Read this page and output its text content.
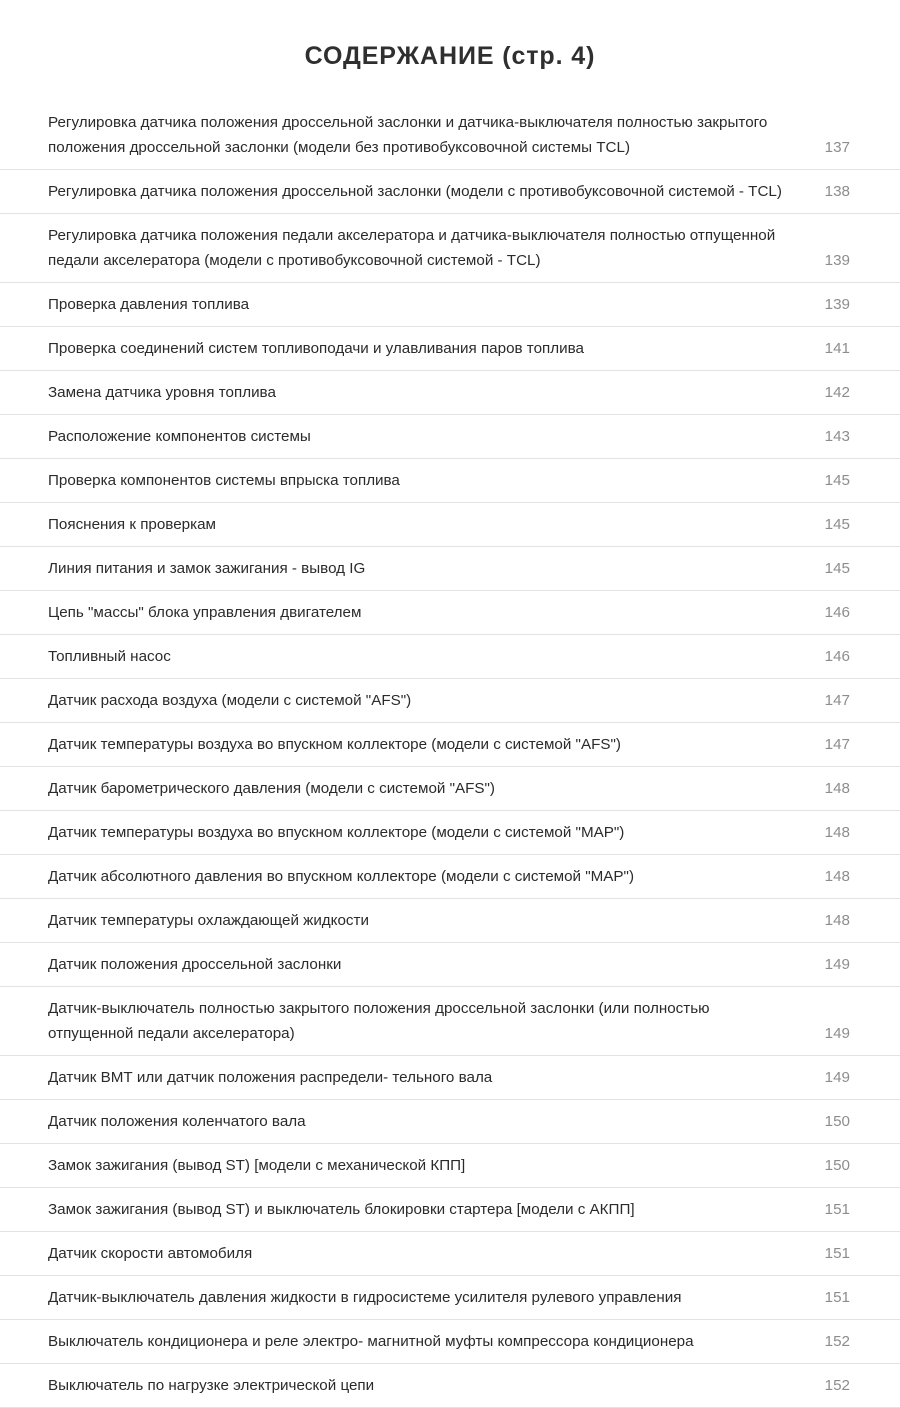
СОДЕРЖАНИЕ (стр. 4)
Регулировка датчика положения дроссельной заслонки и датчика-выключателя полностью закрытого положения дроссельной заслонки (модели без противобуксовочной системы TCL)	137
Регулировка датчика положения дроссельной заслонки (модели с противобуксовочной системой - TCL)	138
Регулировка датчика положения педали акселератора и датчика-выключателя полностью отпущенной педали акселератора (модели с противобуксовочной системой - TCL)	139
Проверка давления топлива	139
Проверка соединений систем топливоподачи и улавливания паров топлива	141
Замена датчика уровня топлива	142
Расположение компонентов системы	143
Проверка компонентов системы впрыска топлива	145
Пояснения к проверкам	145
Линия питания и замок зажигания - вывод IG	145
Цепь "массы" блока управления двигателем	146
Топливный насос	146
Датчик расхода воздуха (модели с системой "AFS")	147
Датчик температуры воздуха во впускном коллекторе (модели с системой "AFS")	147
Датчик барометрического давления (модели с системой "AFS")	148
Датчик температуры воздуха во впускном коллекторе (модели с системой "MAP")	148
Датчик абсолютного давления во впускном коллекторе (модели с системой "MAP")	148
Датчик температуры охлаждающей жидкости	148
Датчик положения дроссельной заслонки	149
Датчик-выключатель полностью закрытого положения дроссельной заслонки (или полностью отпущенной педали акселератора)	149
Датчик ВМТ или датчик положения распредели- тельного вала	149
Датчик положения коленчатого вала	150
Замок зажигания (вывод ST) [модели с механической КПП]	150
Замок зажигания (вывод ST) и выключатель блокировки стартера [модели с АКПП]	151
Датчик скорости автомобиля	151
Датчик-выключатель давления жидкости в гидросистеме усилителя рулевого управления	151
Выключатель кондиционера и реле электро- магнитной муфты компрессора кондиционера	152
Выключатель по нагрузке электрической цепи	152
